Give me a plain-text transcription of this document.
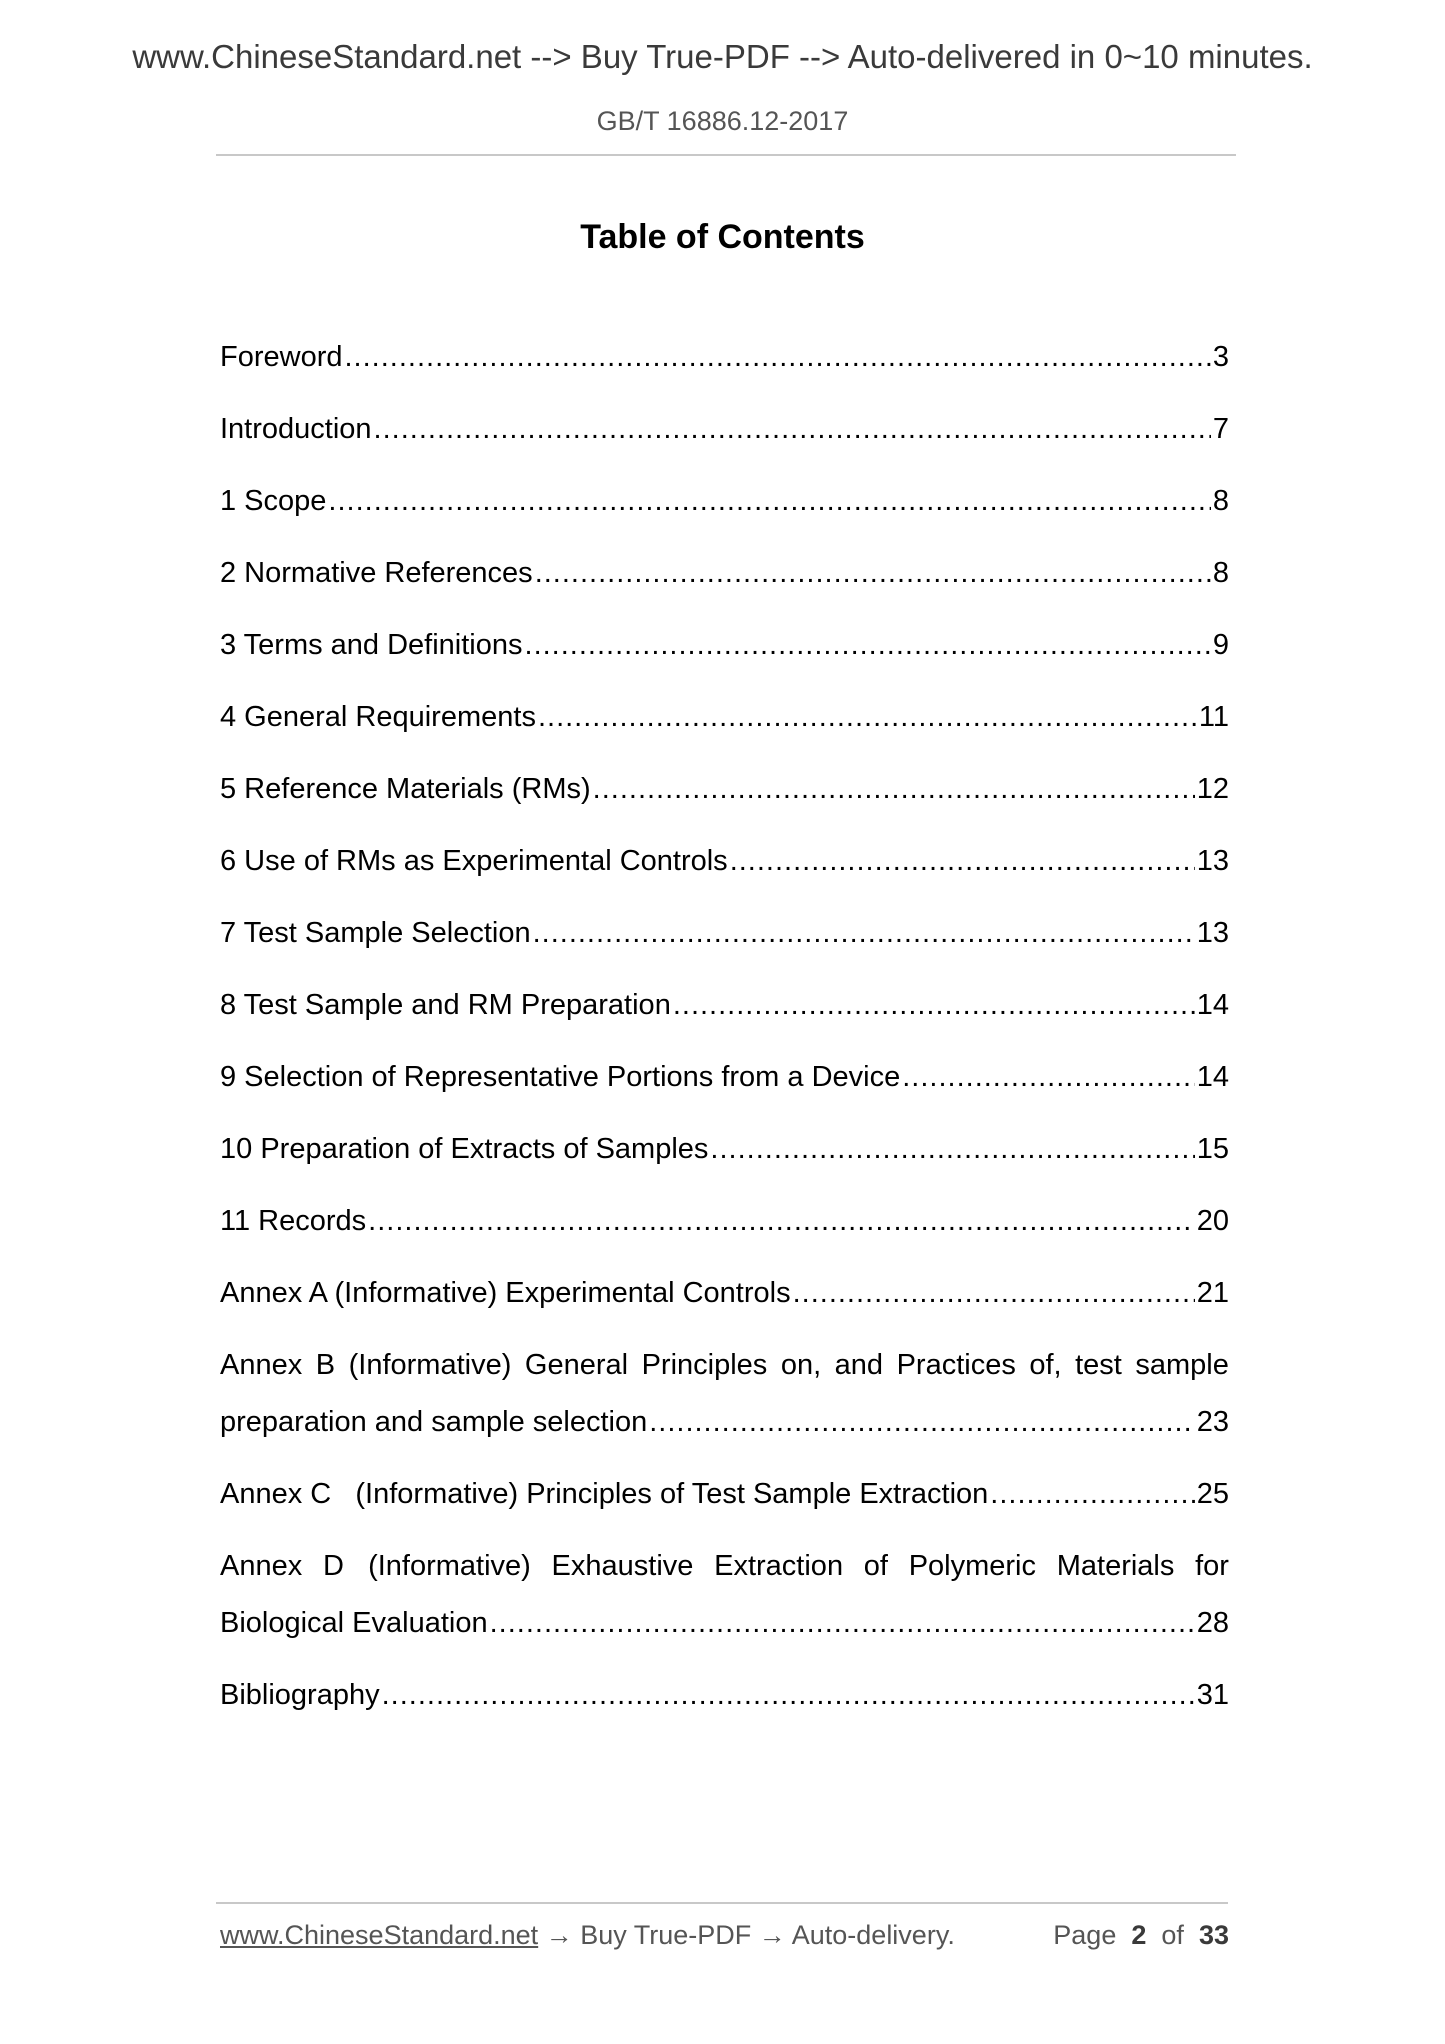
www.ChineseStandard.net --> Buy True-PDF --> Auto-delivered in 0~10 minutes.
GB/T 16886.12-2017
Table of Contents
Foreword .....	3
Introduction .....	7
1 Scope .....	8
2 Normative References .....	8
3 Terms and Definitions .....	9
4 General Requirements .....	11
5 Reference Materials (RMs) .....	12
6 Use of RMs as Experimental Controls .....	13
7 Test Sample Selection .....	13
8 Test Sample and RM Preparation .....	14
9 Selection of Representative Portions from a Device .....	14
10 Preparation of Extracts of Samples .....	15
11 Records .....	20
Annex A (Informative) Experimental Controls .....	21
Annex B (Informative) General Principles on, and Practices of, test sample
preparation and sample selection .....	23
Annex C   (Informative) Principles of Test Sample Extraction .....	25
Annex D   (Informative) Exhaustive Extraction of Polymeric Materials for
Biological Evaluation .....	28
Bibliography .....	31
www.ChineseStandard.net → Buy True-PDF → Auto-delivery.	Page 2 of 33
